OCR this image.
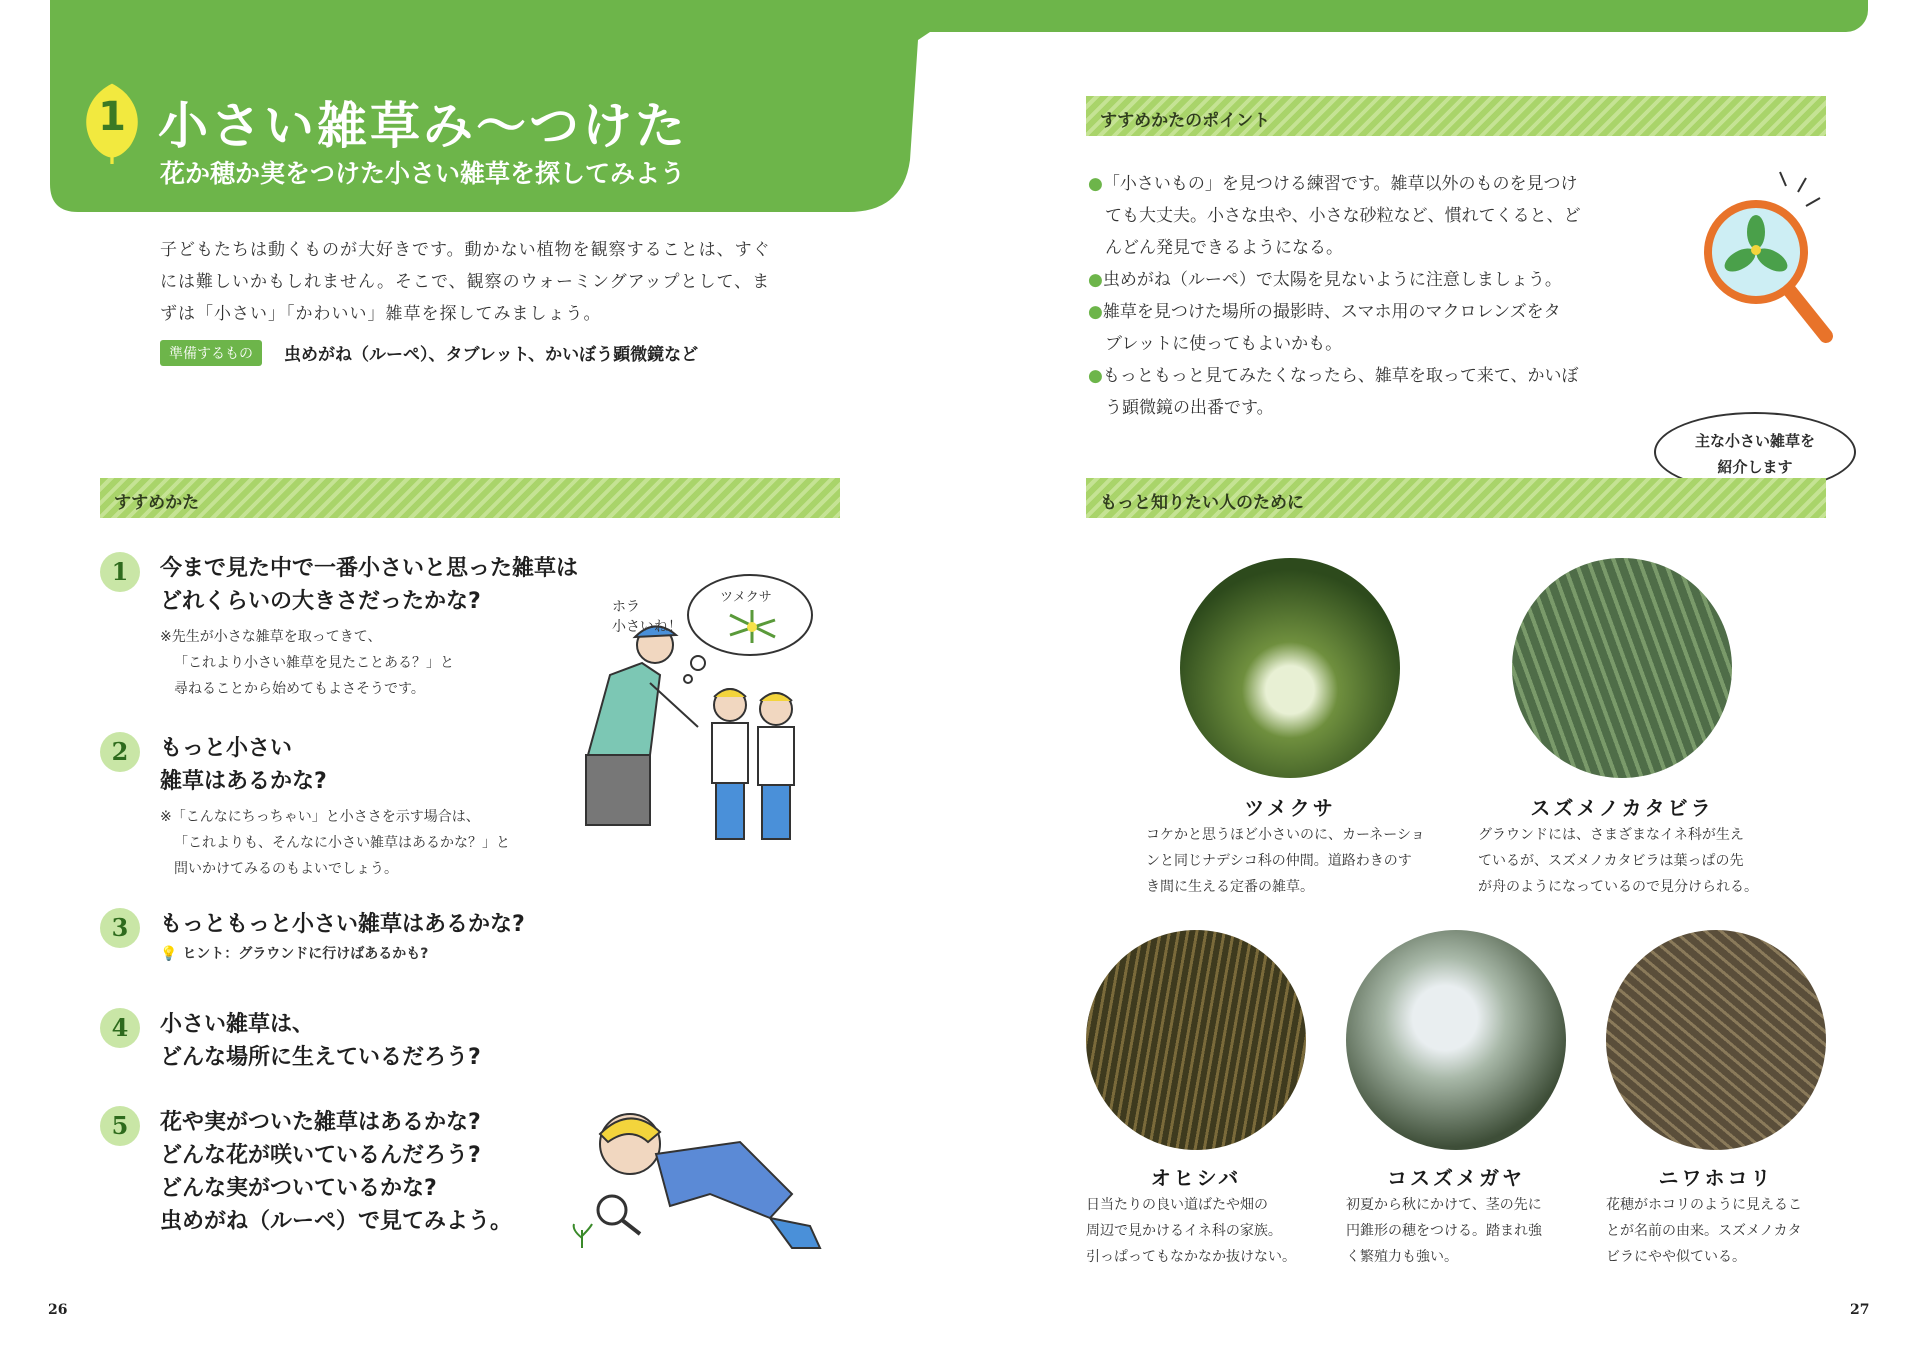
1 小さい雑草み〜つけた
花か穂か実をつけた小さい雑草を探してみよう
子どもたちは動くものが大好きです。動かない植物を観察することは、すぐ
には難しいかもしれません。そこで、観察のウォーミングアップとして、ま
ずは「小さい」「かわいい」雑草を探してみましょう。
準備するもの	虫めがね（ルーペ）、タブレット、かいぼう顕微鏡など
すすめかた
1	今まで見た中で一番小さいと思った雑草は
どれくらいの大きさだったかな?
※先生が小さな雑草を取ってきて、
「これより小さい雑草を見たことある？」と
尋ねることから始めてもよさそうです。
2	もっと小さい
雑草はあるかな?
※「こんなにちっちゃい」と小ささを示す場合は、
「これよりも、そんなに小さい雑草はあるかな？」と
問いかけてみるのもよいでしょう。
3	もっともっと小さい雑草はあるかな?
💡 ヒント：グラウンドに行けばあるかも?
4	小さい雑草は、
どんな場所に生えているだろう?
5	花や実がついた雑草はあるかな?
どんな花が咲いているんだろう?
どんな実がついているかな?
虫めがね（ルーペ）で見てみよう。
ホラ
小さいね！
ツメクサ
すすめかたのポイント
●「小さいもの」を見つける練習です。雑草以外のものを見つけ
ても大丈夫。小さな虫や、小さな砂粒など、慣れてくると、ど
んどん発見できるようになる。
●虫めがね（ルーペ）で太陽を見ないように注意しましょう。
●雑草を見つけた場所の撮影時、スマホ用のマクロレンズをタ
ブレットに使ってもよいかも。
●もっともっと見てみたくなったら、雑草を取って来て、かいぼ
う顕微鏡の出番です。
主な小さい雑草を
紹介します
もっと知りたい人のために
ツメクサ
コケかと思うほど小さいのに、カーネーショ
ンと同じナデシコ科の仲間。道路わきのす
き間に生える定番の雑草。
スズメノカタビラ
グラウンドには、さまざまなイネ科が生え
ているが、スズメノカタビラは葉っぱの先
が舟のようになっているので見分けられる。
オヒシバ
日当たりの良い道ばたや畑の
周辺で見かけるイネ科の家族。
引っぱってもなかなか抜けない。
コスズメガヤ
初夏から秋にかけて、茎の先に
円錐形の穂をつける。踏まれ強
く繁殖力も強い。
ニワホコリ
花穂がホコリのように見えるこ
とが名前の由来。スズメノカタ
ビラにやや似ている。
26	27
